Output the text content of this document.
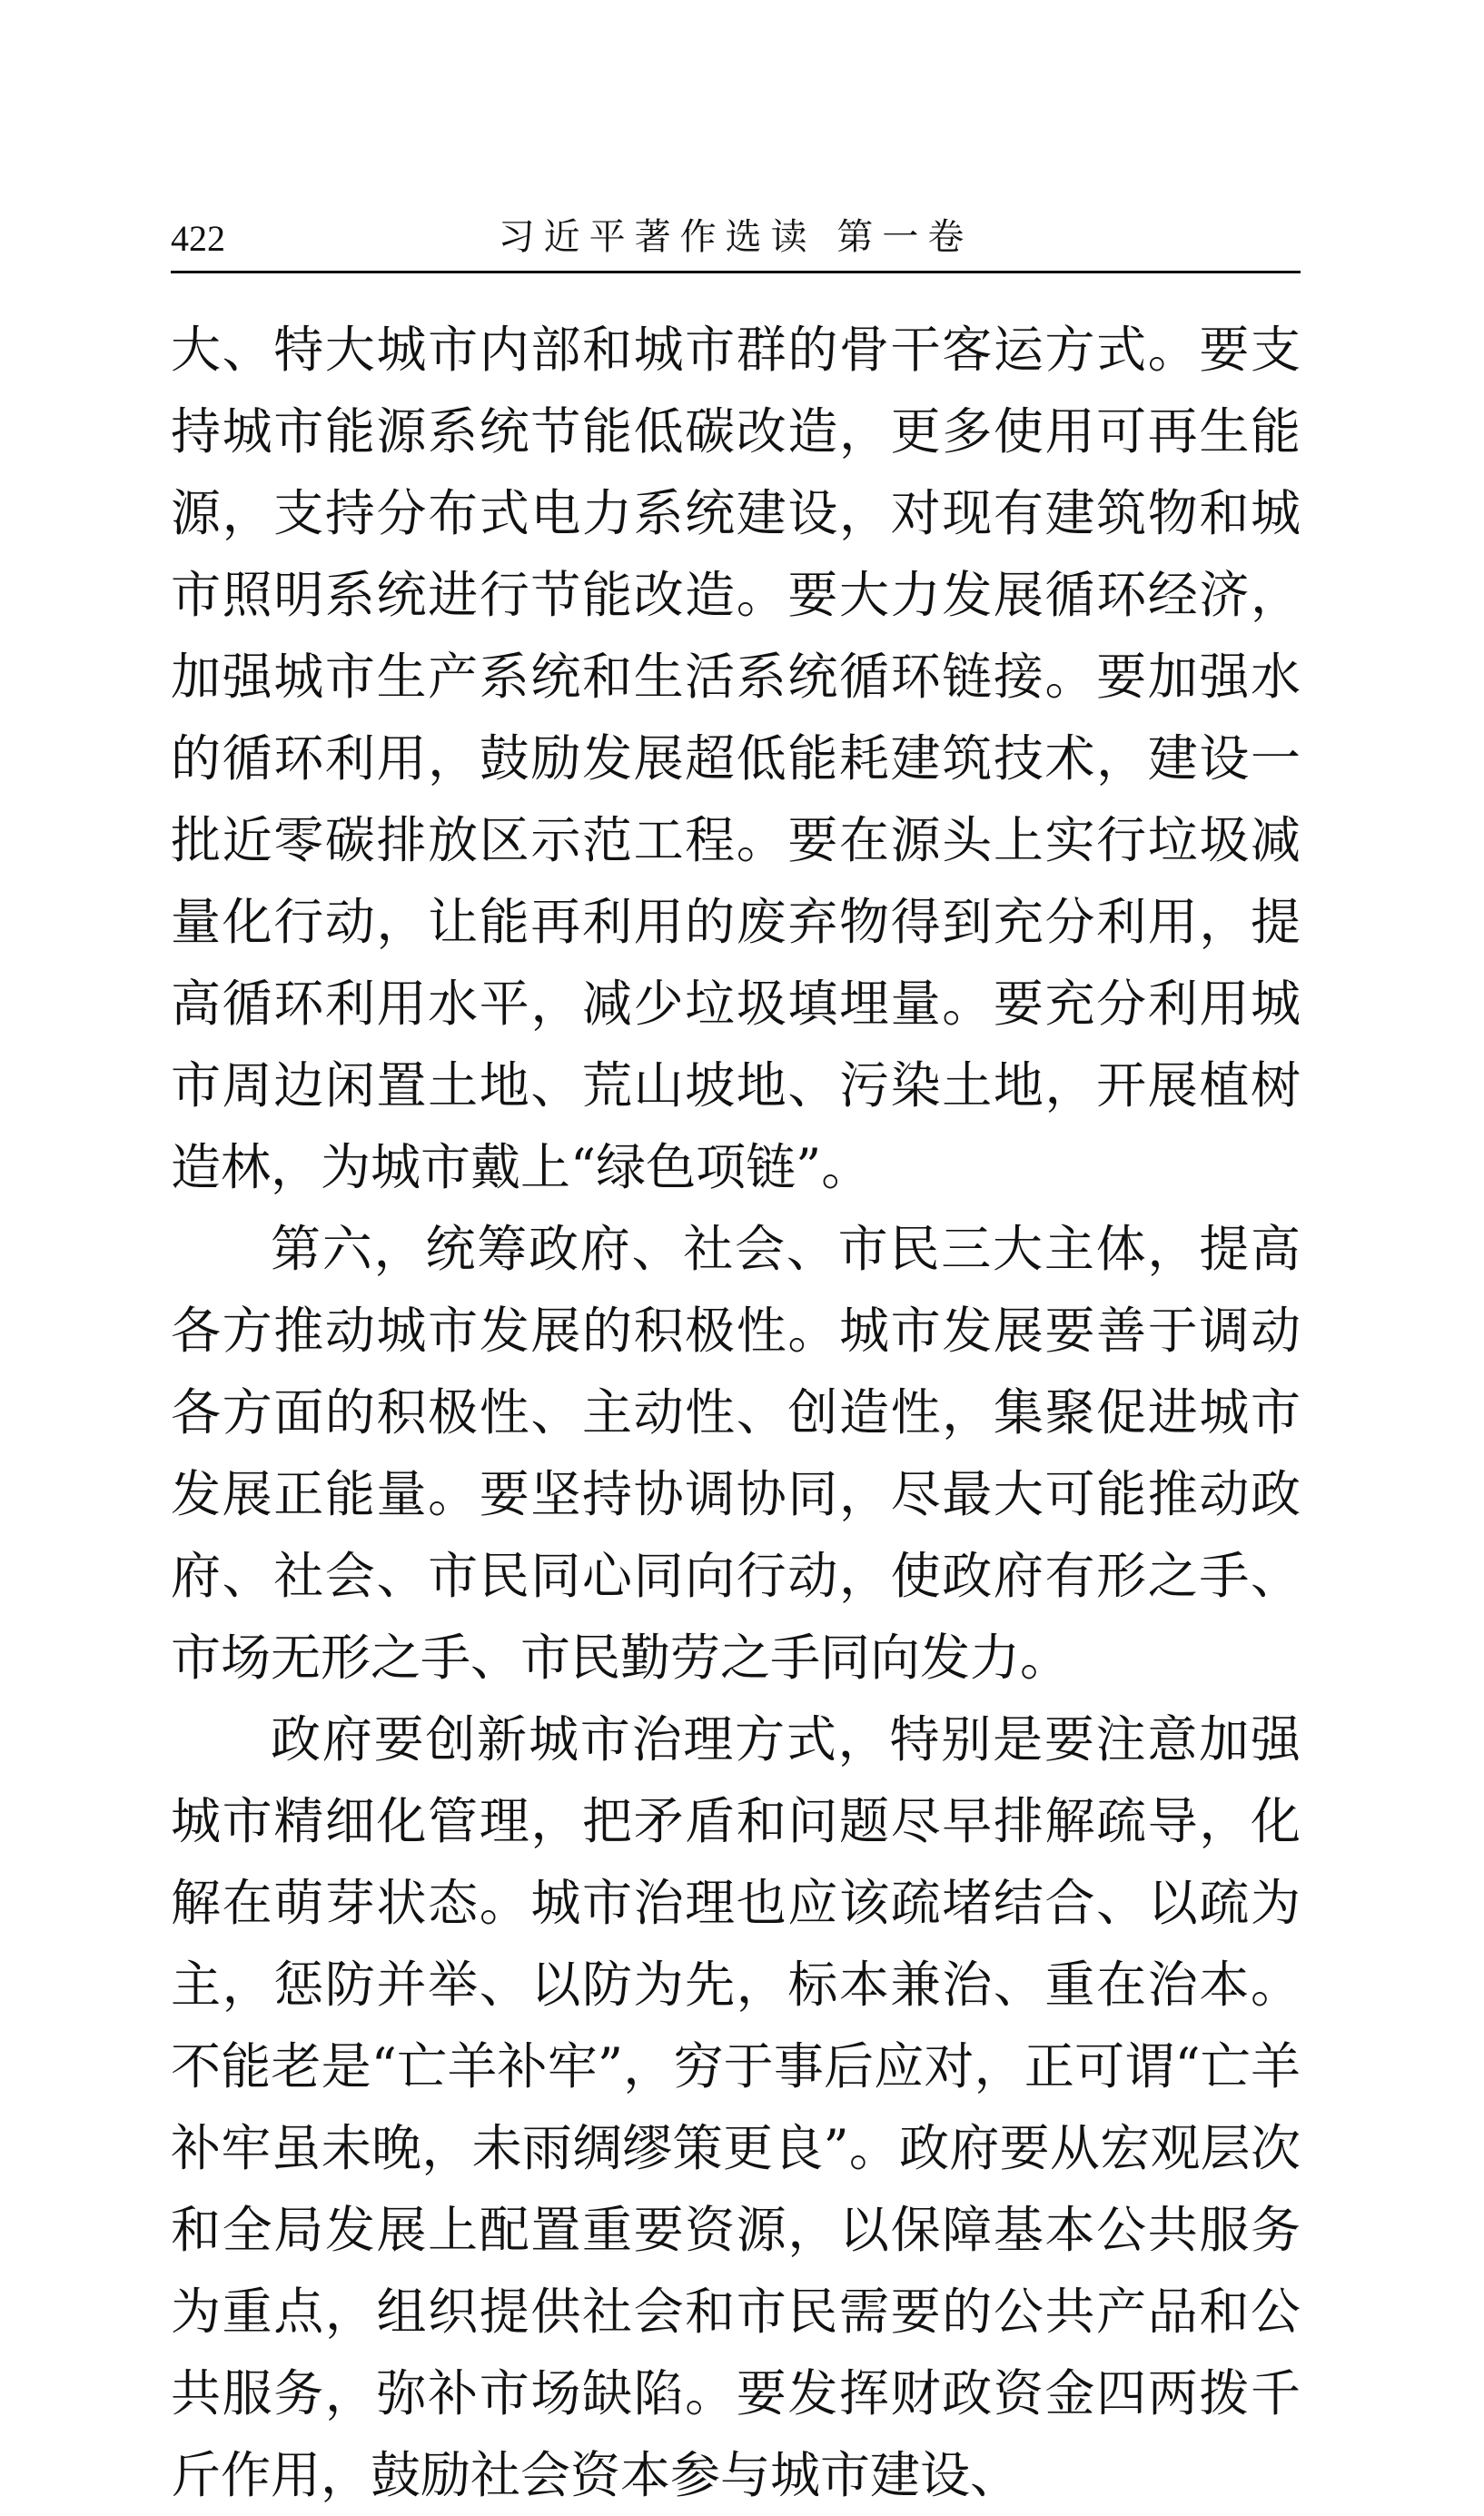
422	习近平著作选读 第一卷

大、特大城市内部和城市群的骨干客运方式。要支持城市能源系统节能低碳改造，更多使用可再生能源，支持分布式电力系统建设，对现有建筑物和城市照明系统进行节能改造。要大力发展循环经济，加强城市生产系统和生活系统循环链接。要加强水的循环利用，鼓励发展超低能耗建筑技术，建设一批近零碳排放区示范工程。要在源头上实行垃圾减量化行动，让能再利用的废弃物得到充分利用，提高循环利用水平，减少垃圾填埋量。要充分利用城市周边闲置土地、荒山坡地、污染土地，开展植树造林，为城市戴上“绿色项链”。

第六，统筹政府、社会、市民三大主体，提高各方推动城市发展的积极性。城市发展要善于调动各方面的积极性、主动性、创造性，集聚促进城市发展正能量。要坚持协调协同，尽最大可能推动政府、社会、市民同心同向行动，使政府有形之手、市场无形之手、市民勤劳之手同向发力。

政府要创新城市治理方式，特别是要注意加强城市精细化管理，把矛盾和问题尽早排解疏导，化解在萌芽状态。城市治理也应该疏堵结合、以疏为主，惩防并举、以防为先，标本兼治、重在治本。不能老是“亡羊补牢”，穷于事后应对，正可谓“亡羊补牢虽未晚，未雨绸缪策更良”。政府要从宏观层次和全局发展上配置重要资源，以保障基本公共服务为重点，组织提供社会和市民需要的公共产品和公共服务，弥补市场缺陷。要发挥财政资金四两拨千斤作用，鼓励社会资本参与城市建设、
